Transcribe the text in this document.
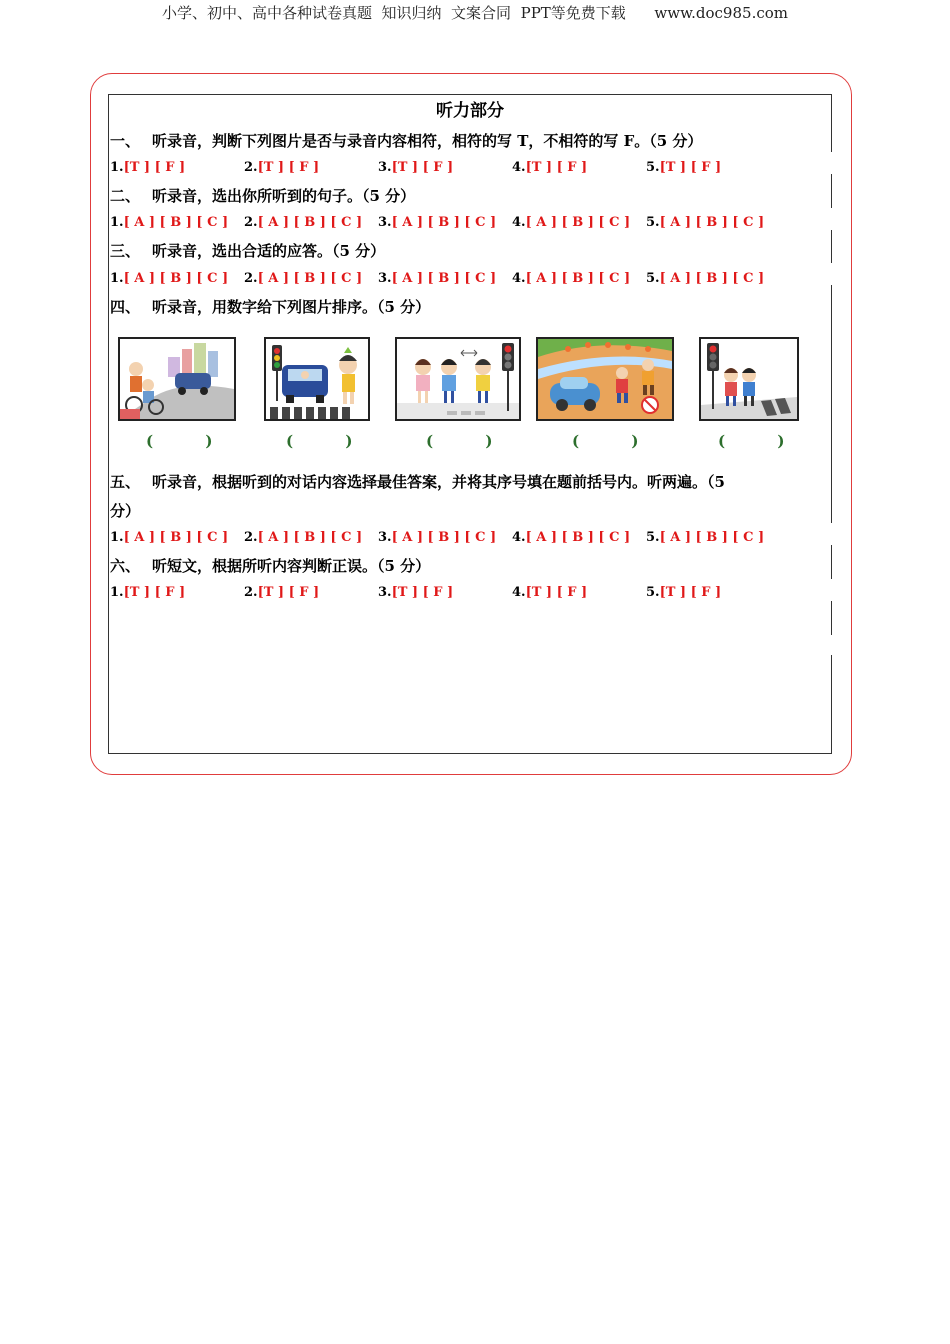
小学、初中、高中各种试卷真题  知识归纳  文案合同  PPT等免费下载      www.doc985.com
听力部分
一、 听录音，判断下列图片是否与录音内容相符，相符的写 T，不相符的写 F。（5 分）
1.[T ] [ F ]	2.[T ] [ F ]	3.[T ] [ F ]	4.[T ] [ F ]	5.[T ] [ F ]
二、 听录音，选出你所听到的句子。（5 分）
1.[ A ] [ B ] [ C ] 2.[ A ] [ B ] [ C ] 3.[ A ] [ B ] [ C ] 4.[ A ] [ B ] [ C ] 5.[ A ] [ B ] [ C ]
三、 听录音，选出合适的应答。（5 分）
1.[ A ] [ B ] [ C ] 2.[ A ] [ B ] [ C ] 3.[ A ] [ B ] [ C ] 4.[ A ] [ B ] [ C ] 5.[ A ] [ B ] [ C ]
四、 听录音，用数字给下列图片排序。（5 分）
(          )	(          )	(          )	(          )	(          )
五、 听录音，根据听到的对话内容选择最佳答案，并将其序号填在题前括号内。听两遍。（5
分）
1.[ A ] [ B ] [ C ] 2.[ A ] [ B ] [ C ] 3.[ A ] [ B ] [ C ] 4.[ A ] [ B ] [ C ] 5.[ A ] [ B ] [ C ]
六、 听短文，根据所听内容判断正误。（5 分）
1.[T ] [ F ]	2.[T ] [ F ]	3.[T ] [ F ]	4.[T ] [ F ]	5.[T ] [ F ]
